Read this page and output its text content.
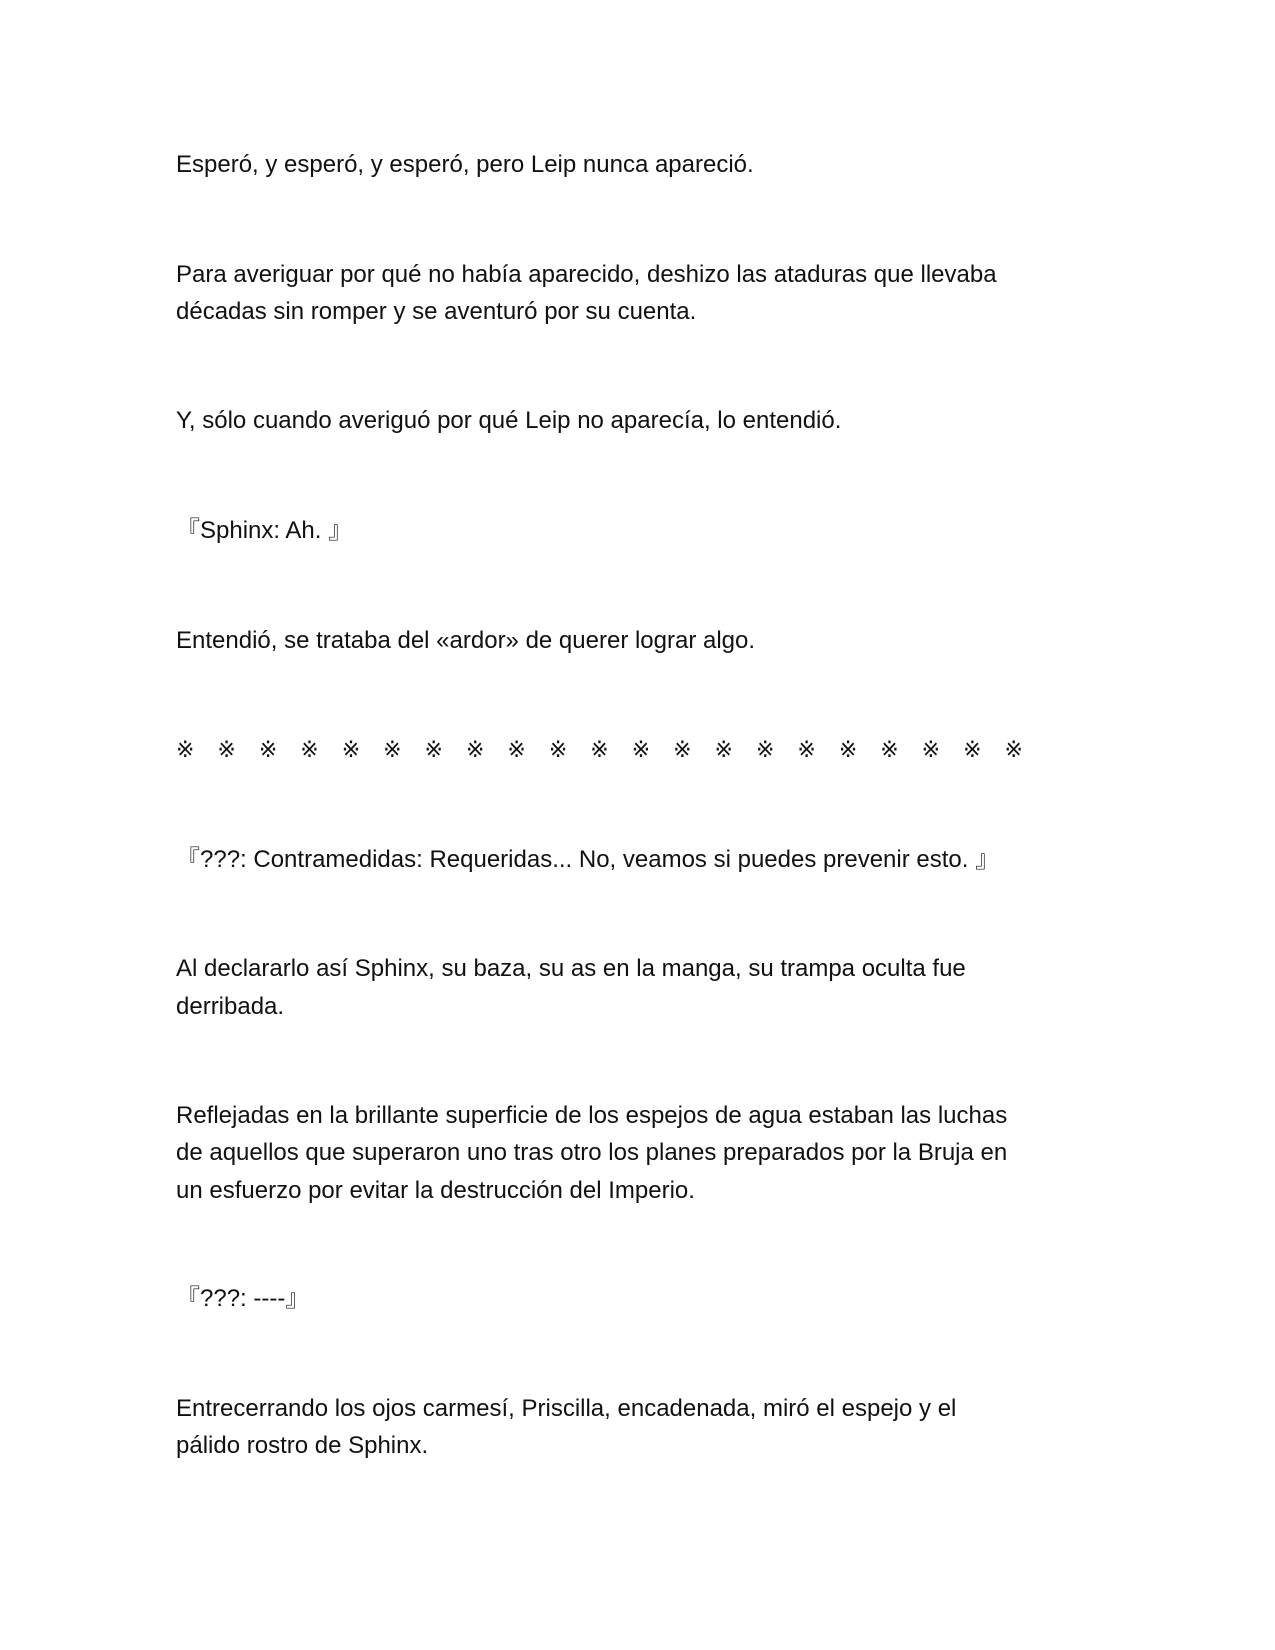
Esperó, y esperó, y esperó, pero Leip nunca apareció.
Para averiguar por qué no había aparecido, deshizo las ataduras que llevaba
décadas sin romper y se aventuró por su cuenta.
Y, sólo cuando averiguó por qué Leip no aparecía, lo entendió.
『Sphinx: Ah. 』
Entendió, se trataba del «ardor» de querer lograr algo.
※ ※ ※ ※ ※ ※ ※ ※ ※ ※ ※ ※ ※ ※ ※ ※ ※ ※ ※ ※ ※
『???: Contramedidas: Requeridas... No, veamos si puedes prevenir esto. 』
Al declararlo así Sphinx, su baza, su as en la manga, su trampa oculta fue
derribada.
Reflejadas en la brillante superficie de los espejos de agua estaban las luchas
de aquellos que superaron uno tras otro los planes preparados por la Bruja en
un esfuerzo por evitar la destrucción del Imperio.
『???: ----』
Entrecerrando los ojos carmesí, Priscilla, encadenada, miró el espejo y el
pálido rostro de Sphinx.
